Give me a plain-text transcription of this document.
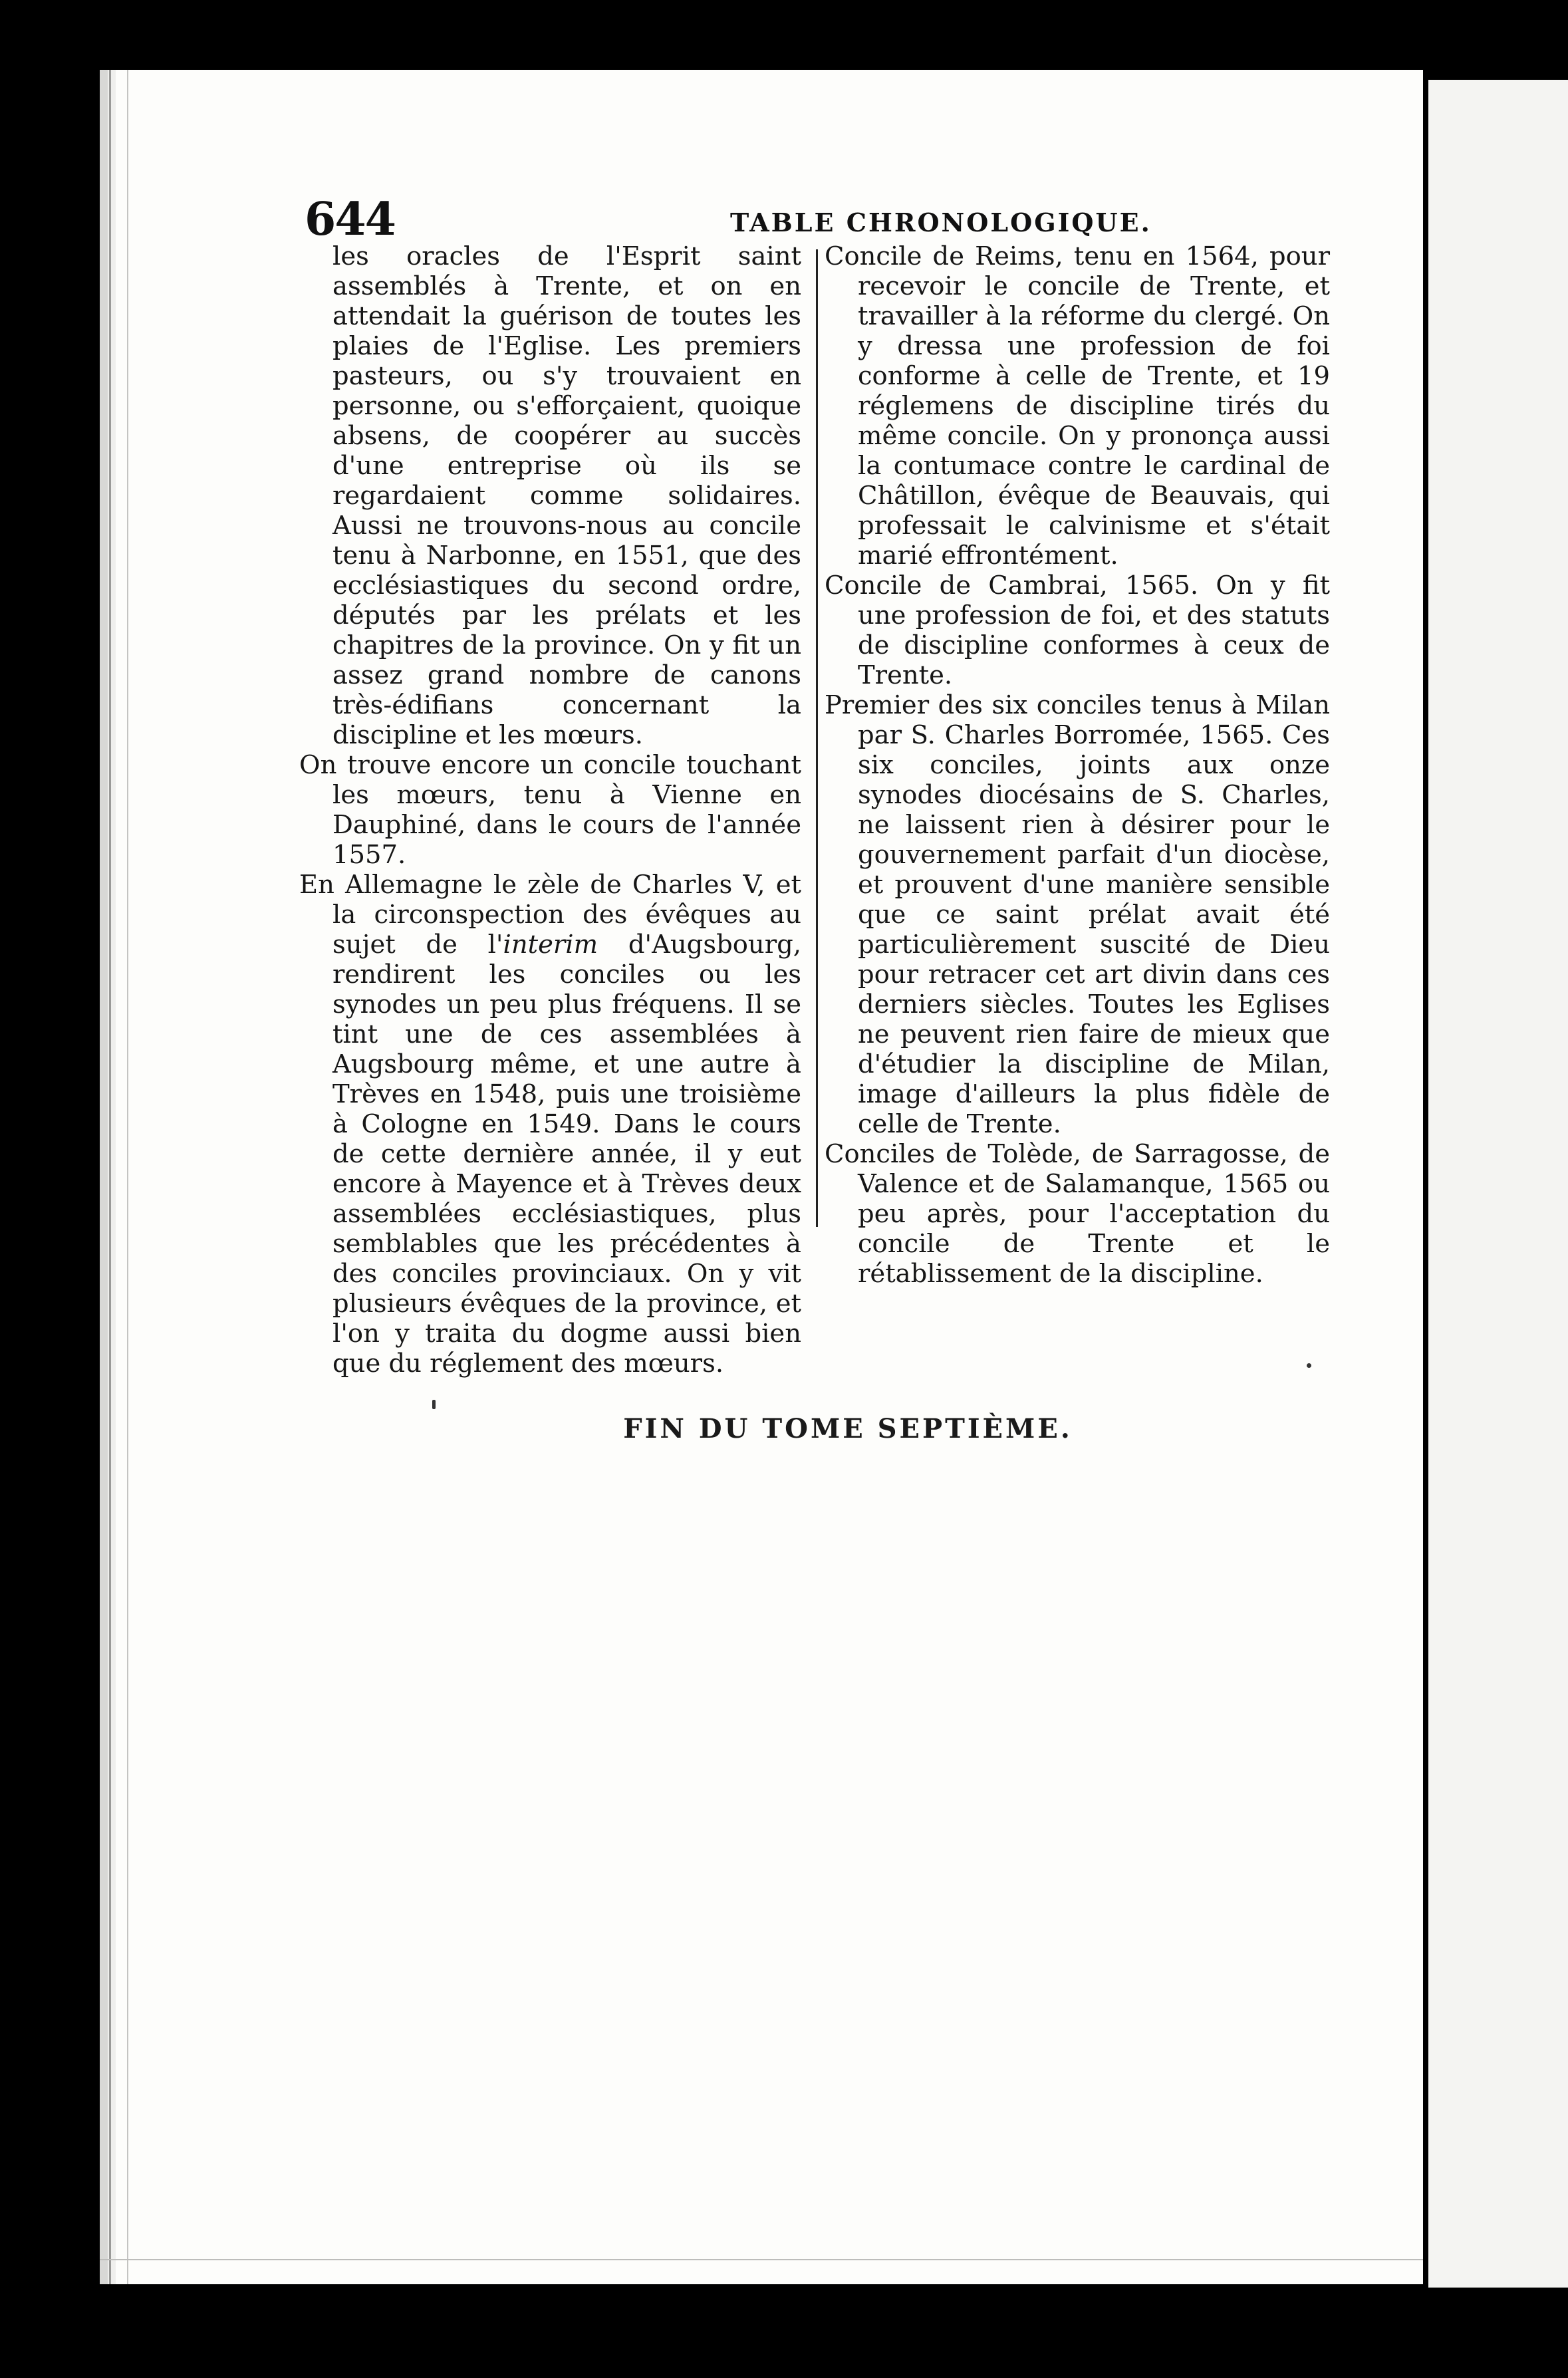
644	TABLE CHRONOLOGIQUE.

les oracles de l'Esprit saint assemblés à Trente, et on en attendait la guérison de toutes les plaies de l'Eglise. Les premiers pasteurs, ou s'y trouvaient en personne, ou s'efforçaient, quoique absens, de coopérer au succès d'une entreprise où ils se regardaient comme solidaires. Aussi ne trouvons-nous au concile tenu à Narbonne, en 1551, que des ecclésiastiques du second ordre, députés par les prélats et les chapitres de la province. On y fit un assez grand nombre de canons très-édifians concernant la discipline et les mœurs.

On trouve encore un concile touchant les mœurs, tenu à Vienne en Dauphiné, dans le cours de l'année 1557.

En Allemagne le zèle de Charles V, et la circonspection des évêques au sujet de l'interim d'Augsbourg, rendirent les conciles ou les synodes un peu plus fréquens. Il se tint une de ces assemblées à Augsbourg même, et une autre à Trèves en 1548, puis une troisième à Cologne en 1549. Dans le cours de cette dernière année, il y eut encore à Mayence et à Trèves deux assemblées ecclésiastiques, plus semblables que les précédentes à des conciles provinciaux. On y vit plusieurs évêques de la province, et l'on y traita du dogme aussi bien que du réglement des mœurs.

Concile de Reims, tenu en 1564, pour recevoir le concile de Trente, et travailler à la réforme du clergé. On y dressa une profession de foi conforme à celle de Trente, et 19 réglemens de discipline tirés du même concile. On y prononça aussi la contumace contre le cardinal de Châtillon, évêque de Beauvais, qui professait le calvinisme et s'était marié effrontément.

Concile de Cambrai, 1565. On y fit une profession de foi, et des statuts de discipline conformes à ceux de Trente.

Premier des six conciles tenus à Milan par S. Charles Borromée, 1565. Ces six conciles, joints aux onze synodes diocésains de S. Charles, ne laissent rien à désirer pour le gouvernement parfait d'un diocèse, et prouvent d'une manière sensible que ce saint prélat avait été particulièrement suscité de Dieu pour retracer cet art divin dans ces derniers siècles. Toutes les Eglises ne peuvent rien faire de mieux que d'étudier la discipline de Milan, image d'ailleurs la plus fidèle de celle de Trente.

Conciles de Tolède, de Sarragosse, de Valence et de Salamanque, 1565 ou peu après, pour l'acceptation du concile de Trente et le rétablissement de la discipline.

FIN DU TOME SEPTIÈME.
